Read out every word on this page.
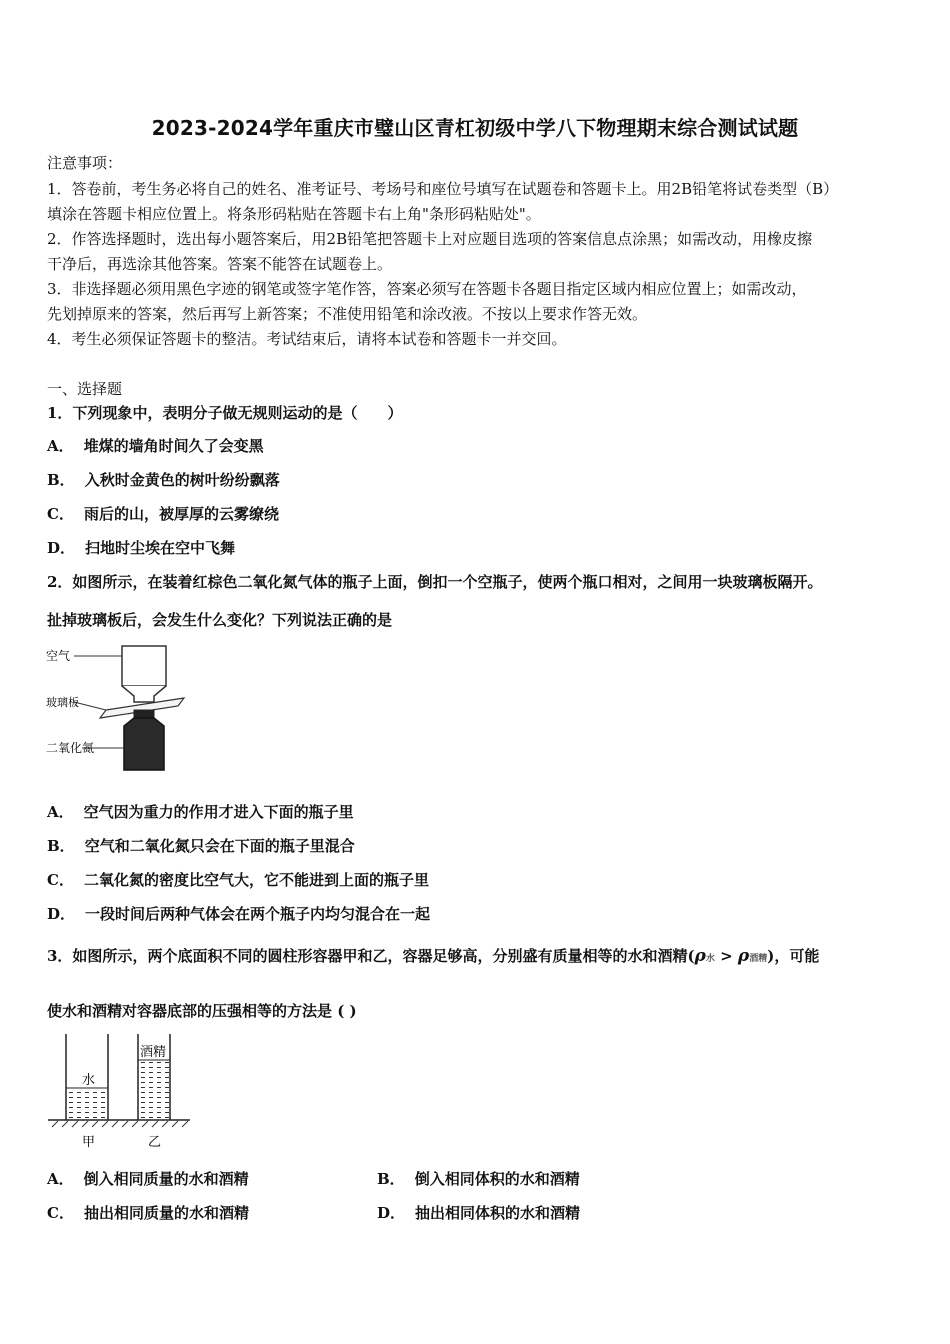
2023-2024学年重庆市璧山区青杠初级中学八下物理期末综合测试试题
注意事项：
1．答卷前，考生务必将自己的姓名、准考证号、考场号和座位号填写在试题卷和答题卡上。用2B铅笔将试卷类型（B）
填涂在答题卡相应位置上。将条形码粘贴在答题卡右上角"条形码粘贴处"。
2．作答选择题时，选出每小题答案后，用2B铅笔把答题卡上对应题目选项的答案信息点涂黑；如需改动，用橡皮擦
干净后，再选涂其他答案。答案不能答在试题卷上。
3．非选择题必须用黑色字迹的钢笔或签字笔作答，答案必须写在答题卡各题目指定区域内相应位置上；如需改动，
先划掉原来的答案，然后再写上新答案；不准使用铅笔和涂改液。不按以上要求作答无效。
4．考生必须保证答题卡的整洁。考试结束后，请将本试卷和答题卡一并交回。
一、选择题
1．下列现象中，表明分子做无规则运动的是（　　）
A． 堆煤的墙角时间久了会变黑
B． 入秋时金黄色的树叶纷纷飘落
C． 雨后的山，被厚厚的云雾缭绕
D． 扫地时尘埃在空中飞舞
2．如图所示，在装着红棕色二氧化氮气体的瓶子上面，倒扣一个空瓶子，使两个瓶口相对，之间用一块玻璃板隔开。
扯掉玻璃板后，会发生什么变化？下列说法正确的是
空气
玻璃板
二氧化氮
A． 空气因为重力的作用才进入下面的瓶子里
B． 空气和二氧化氮只会在下面的瓶子里混合
C． 二氧化氮的密度比空气大，它不能进到上面的瓶子里
D． 一段时间后两种气体会在两个瓶子内均匀混合在一起
3．如图所示，两个底面积不同的圆柱形容器甲和乙，容器足够高，分别盛有质量相等的水和酒精(ρ水 > ρ酒精)，可能
使水和酒精对容器底部的压强相等的方法是 ( )
水
酒精
甲	乙
A． 倒入相同质量的水和酒精	B． 倒入相同体积的水和酒精
C． 抽出相同质量的水和酒精	D． 抽出相同体积的水和酒精
